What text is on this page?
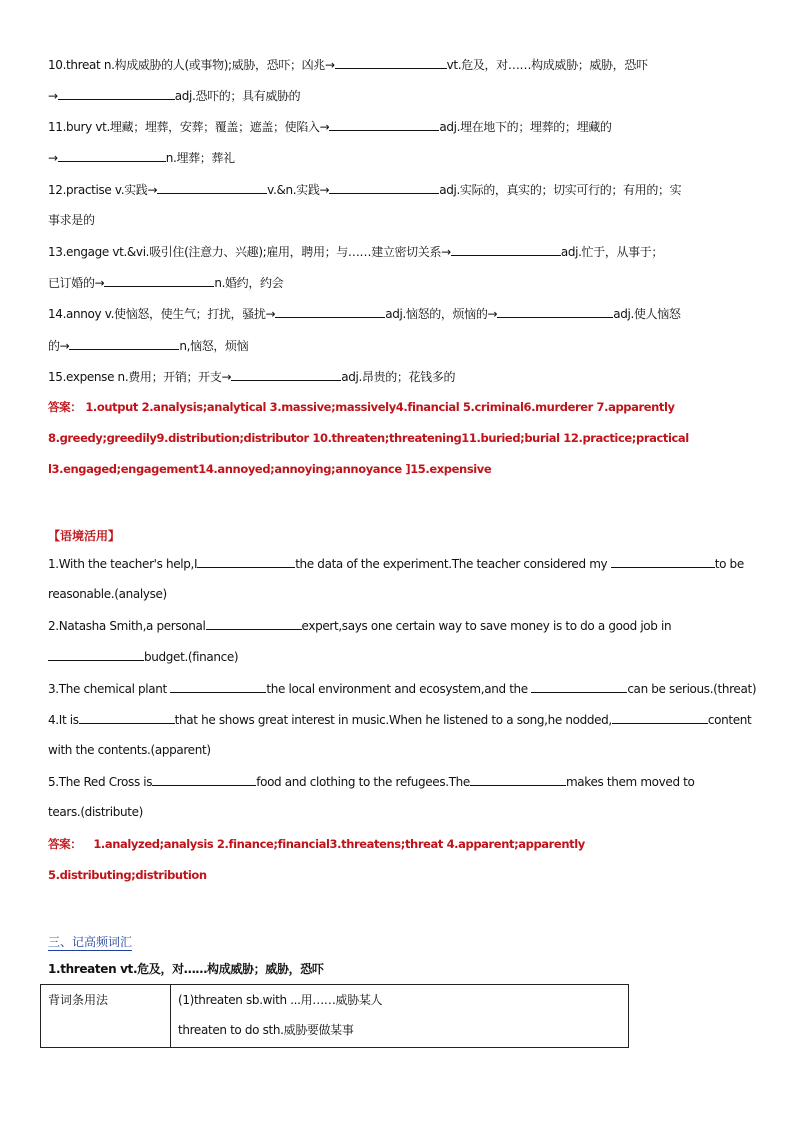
10.threat n.构成威胁的人(或事物);威胁，恐吓；凶兆→	vt.危及，对……构成威胁；威胁，恐吓
→	adj.恐吓的；具有威胁的
11.bury vt.埋藏；埋葬，安葬；覆盖；遮盖；使陷入→	adj.埋在地下的；埋葬的；埋藏的
→	n.埋葬；葬礼
12.practise v.实践→	v.&n.实践→	adj.实际的，真实的；切实可行的；有用的；实
事求是的
13.engage vt.&vi.吸引住(注意力、兴趣);雇用，聘用；与……建立密切关系→	adj.忙于，从事于；
已订婚的→	n.婚约，约会
14.annoy v.使恼怒，使生气；打扰，骚扰→	adj.恼怒的，烦恼的→	adj.使人恼怒
的→	n,恼怒，烦恼
15.expense n.费用；开销；开支→	adj.昂贵的；花钱多的
答案： 1.output 2.analysis;analytical 3.massive;massively4.financial 5.criminal6.murderer 7.apparently
8.greedy;greedily9.distribution;distributor 10.threaten;threatening11.buried;burial 12.practice;practical
l3.engaged;engagement14.annoyed;annoying;annoyance ]15.expensive
【语境活用】
1.With the teacher's help,I	the data of the experiment.The teacher considered my	to be
reasonable.(analyse)
2.Natasha Smith,a personal	expert,says one certain way to save money is to do a good job in
budget.(finance)
3.The chemical plant	the local environment and ecosystem,and the	can be serious.(threat)
4.It is	that he shows great interest in music.When he listened to a song,he nodded,	content
with the contents.(apparent)
5.The Red Cross is	food and clothing to the refugees.The	makes them moved to
tears.(distribute)
答案： 1.analyzed;analysis 2.finance;financial3.threatens;threat 4.apparent;apparently
5.distributing;distribution
三、记高频词汇
1.threaten vt.危及，对……构成威胁；威胁，恐吓
背词条用法	(1)threaten sb.with ...用……威胁某人
threaten to do sth.威胁要做某事
